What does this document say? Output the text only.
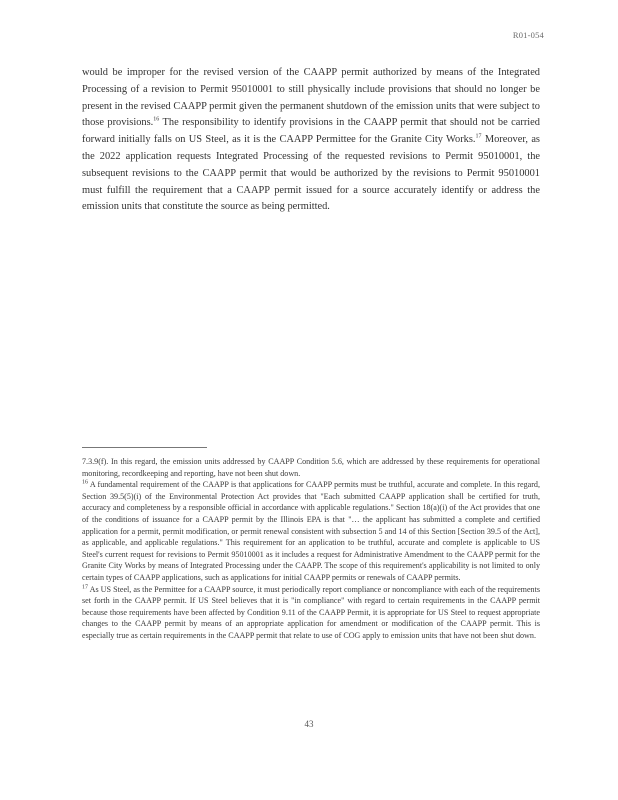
R01-054
would be improper for the revised version of the CAAPP permit authorized by means of the Integrated Processing of a revision to Permit 95010001 to still physically include provisions that should no longer be present in the revised CAAPP permit given the permanent shutdown of the emission units that were subject to those provisions.$^{16}$ The responsibility to identify provisions in the CAAPP permit that should not be carried forward initially falls on US Steel, as it is the CAAPP Permittee for the Granite City Works.$^{17}$ Moreover, as the 2022 application requests Integrated Processing of the requested revisions to Permit 95010001, the subsequent revisions to the CAAPP permit that would be authorized by the revisions to Permit 95010001 must fulfill the requirement that a CAAPP permit issued for a source accurately identify or address the emission units that constitute the source as being permitted.

7.3.9(f). In this regard, the emission units addressed by CAAPP Condition 5.6, which are addressed by these requirements for operational monitoring, recordkeeping and reporting, have not been shut down.

$^{16}$ A fundamental requirement of the CAAPP is that applications for CAAPP permits must be truthful, accurate and complete. In this regard, Section 39.5(5)(i) of the Environmental Protection Act provides that "Each submitted CAAPP application shall be certified for truth, accuracy and completeness by a responsible official in accordance with applicable regulations." Section 18(a)(i) of the Act provides that one of the conditions of issuance for a CAAPP permit by the Illinois EPA is that "… the applicant has submitted a complete and certified application for a permit, permit modification, or permit renewal consistent with subsection 5 and 14 of this Section [Section 39.5 of the Act], as applicable, and applicable regulations." This requirement for an application to be truthful, accurate and complete is applicable to US Steel's current request for revisions to Permit 95010001 as it includes a request for Administrative Amendment to the CAAPP permit for the Granite City Works by means of Integrated Processing under the CAAPP. The scope of this requirement's applicability is not limited to only certain types of CAAPP applications, such as applications for initial CAAPP permits or renewals of CAAPP permits.

$^{17}$ As US Steel, as the Permittee for a CAAPP source, it must periodically report compliance or noncompliance with each of the requirements set forth in the CAAPP permit. If US Steel believes that it is "in compliance" with regard to certain requirements in the CAAPP permit because those requirements have been affected by Condition 9.11 of the CAAPP Permit, it is appropriate for US Steel to request appropriate changes to the CAAPP permit by means of an appropriate application for amendment or modification of the CAAPP permit. This is especially true as certain requirements in the CAAPP permit that relate to use of COG apply to emission units that have not been shut down.

43
